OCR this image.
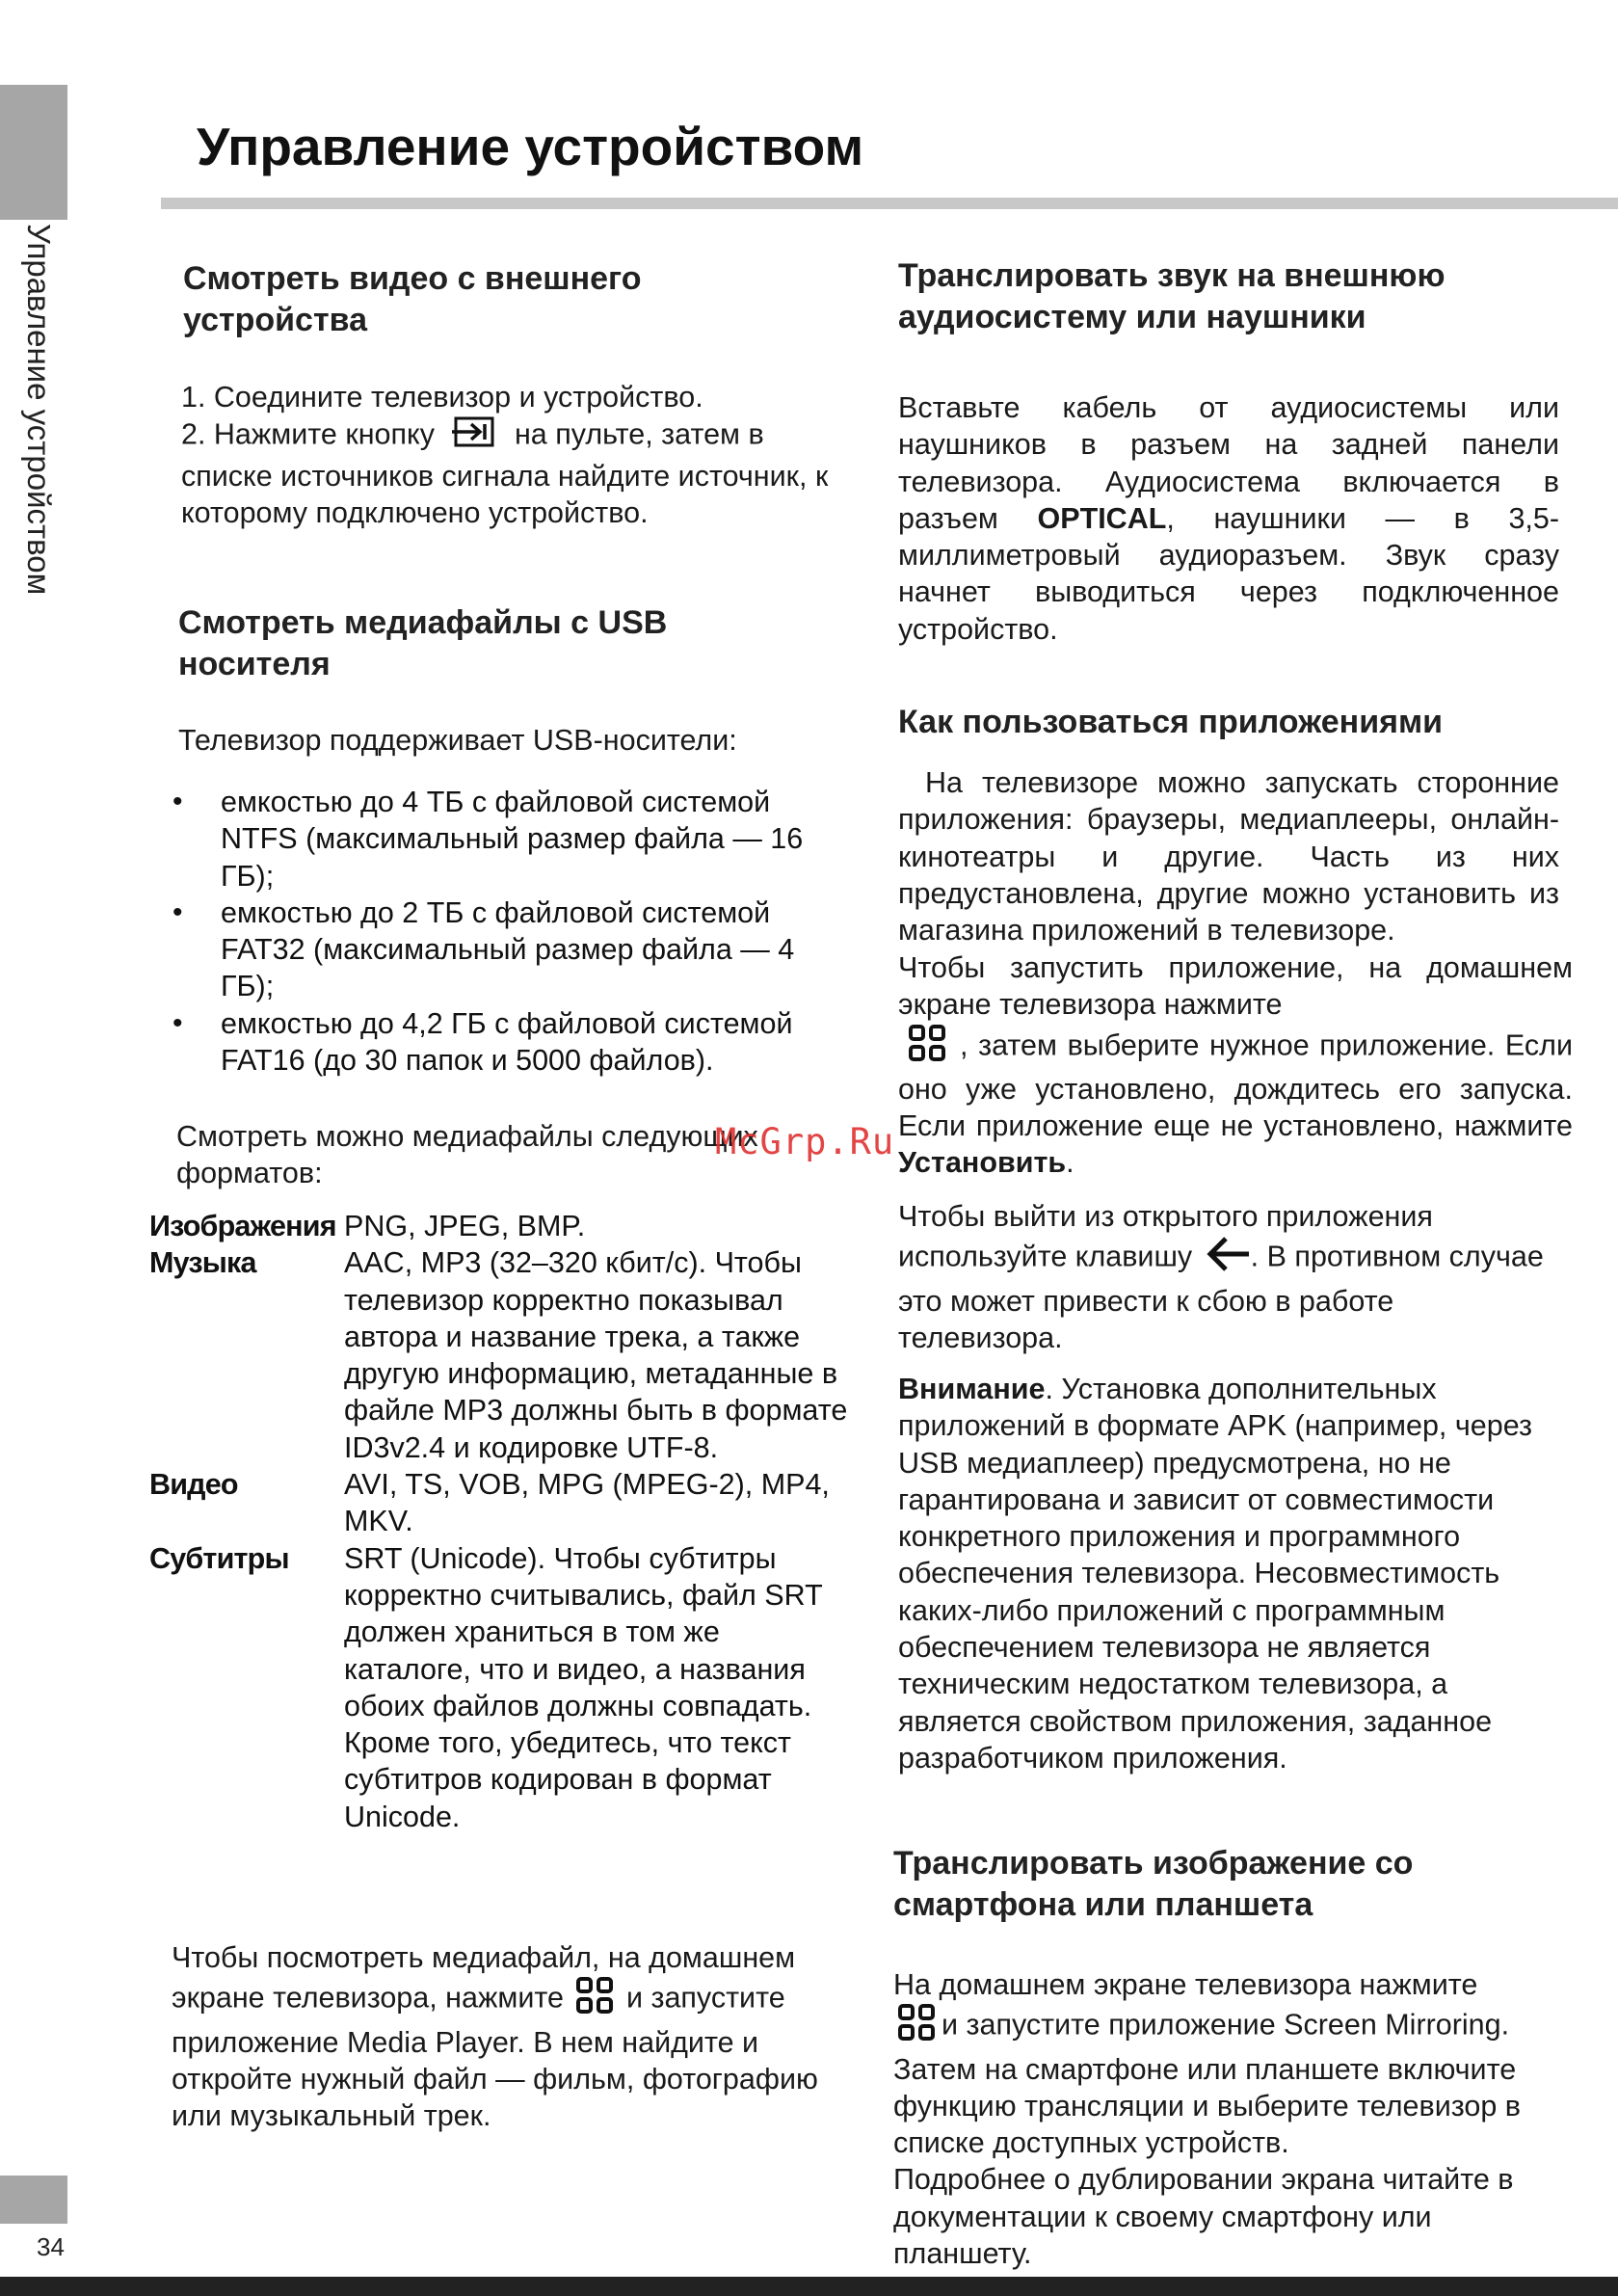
Управление устройством
34
Управление устройством
Смотреть видео с внешнего устройства
1. Соедините телевизор и устройство.
2. Нажмите кнопку	на пульте, затем в списке источников сигнала найдите источник, к которому подключено устройство.
Смотреть медиафайлы с USB носителя
Телевизор поддерживает USB-носители:
• емкостью до 4 ТБ с файловой системой NTFS (максимальный размер файла — 16 ГБ);
• емкостью до 2 ТБ с файловой системой FAT32 (максимальный размер файла — 4 ГБ);
• емкостью до 4,2 ГБ с файловой системой FAT16 (до 30 папок и 5000 файлов).
Смотреть можно медиафайлы следующих форматов:
Изображения PNG, JPEG, BMP.
Музыка	AAC, MP3 (32–320 кбит/с). Чтобы телевизор корректно показывал автора и название трека, а также другую информацию, метаданные в файле MP3 должны быть в формате ID3v2.4 и кодировке UTF-8.
Видео	AVI, TS, VOB, MPG (MPEG-2), MP4, MKV.
Субтитры	SRT (Unicode). Чтобы субтитры корректно считывались, файл SRT должен храниться в том же каталоге, что и видео, а названия обоих файлов должны совпадать. Кроме того, убедитесь, что текст субтитров кодирован в формат Unicode.
Чтобы посмотреть медиафайл, на домашнем экране телевизора, нажмите и запустите приложение Media Player. В нем найдите и откройте нужный файл — фильм, фотографию или музыкальный трек.
Транслировать звук на внешнюю аудиосистему или наушники
Вставьте кабель от аудиосистемы или наушников в разъем на задней панели телевизора. Аудиосистема включается в разъем OPTICAL, наушники — в 3,5-миллиметровый аудиоразъем. Звук сразу начнет выводиться через подключенное устройство.
Как пользоваться приложениями
На телевизоре можно запускать сторонние приложения: браузеры, медиаплееры, онлайн-кинотеатры и другие. Часть из них предустановлена, другие можно установить из магазина приложений в телевизоре.
Чтобы запустить приложение, на домашнем экране телевизора нажмите
, затем выберите нужное приложение. Если оно уже установлено, дождитесь его запуска. Если приложение еще не установлено, нажмите Установить.
Чтобы выйти из открытого приложения используйте клавишу . В противном случае это может привести к сбою в работе телевизора.
Внимание. Установка дополнительных приложений в формате APK (например, через USB медиаплеер) предусмотрена, но не гарантирована и зависит от совместимости конкретного приложения и программного обеспечения телевизора. Несовместимость каких-либо приложений с программным обеспечением телевизора не является техническим недостатком телевизора, а является свойством приложения, заданное разработчиком приложения.
Транслировать изображение со смартфона или планшета
На домашнем экране телевизора нажмите
и запустите приложение Screen Mirroring. Затем на смартфоне или планшете включите функцию трансляции и выберите телевизор в списке доступных устройств.
Подробнее о дублировании экрана читайте в документации к своему смартфону или планшету.
McGrp.Ru
